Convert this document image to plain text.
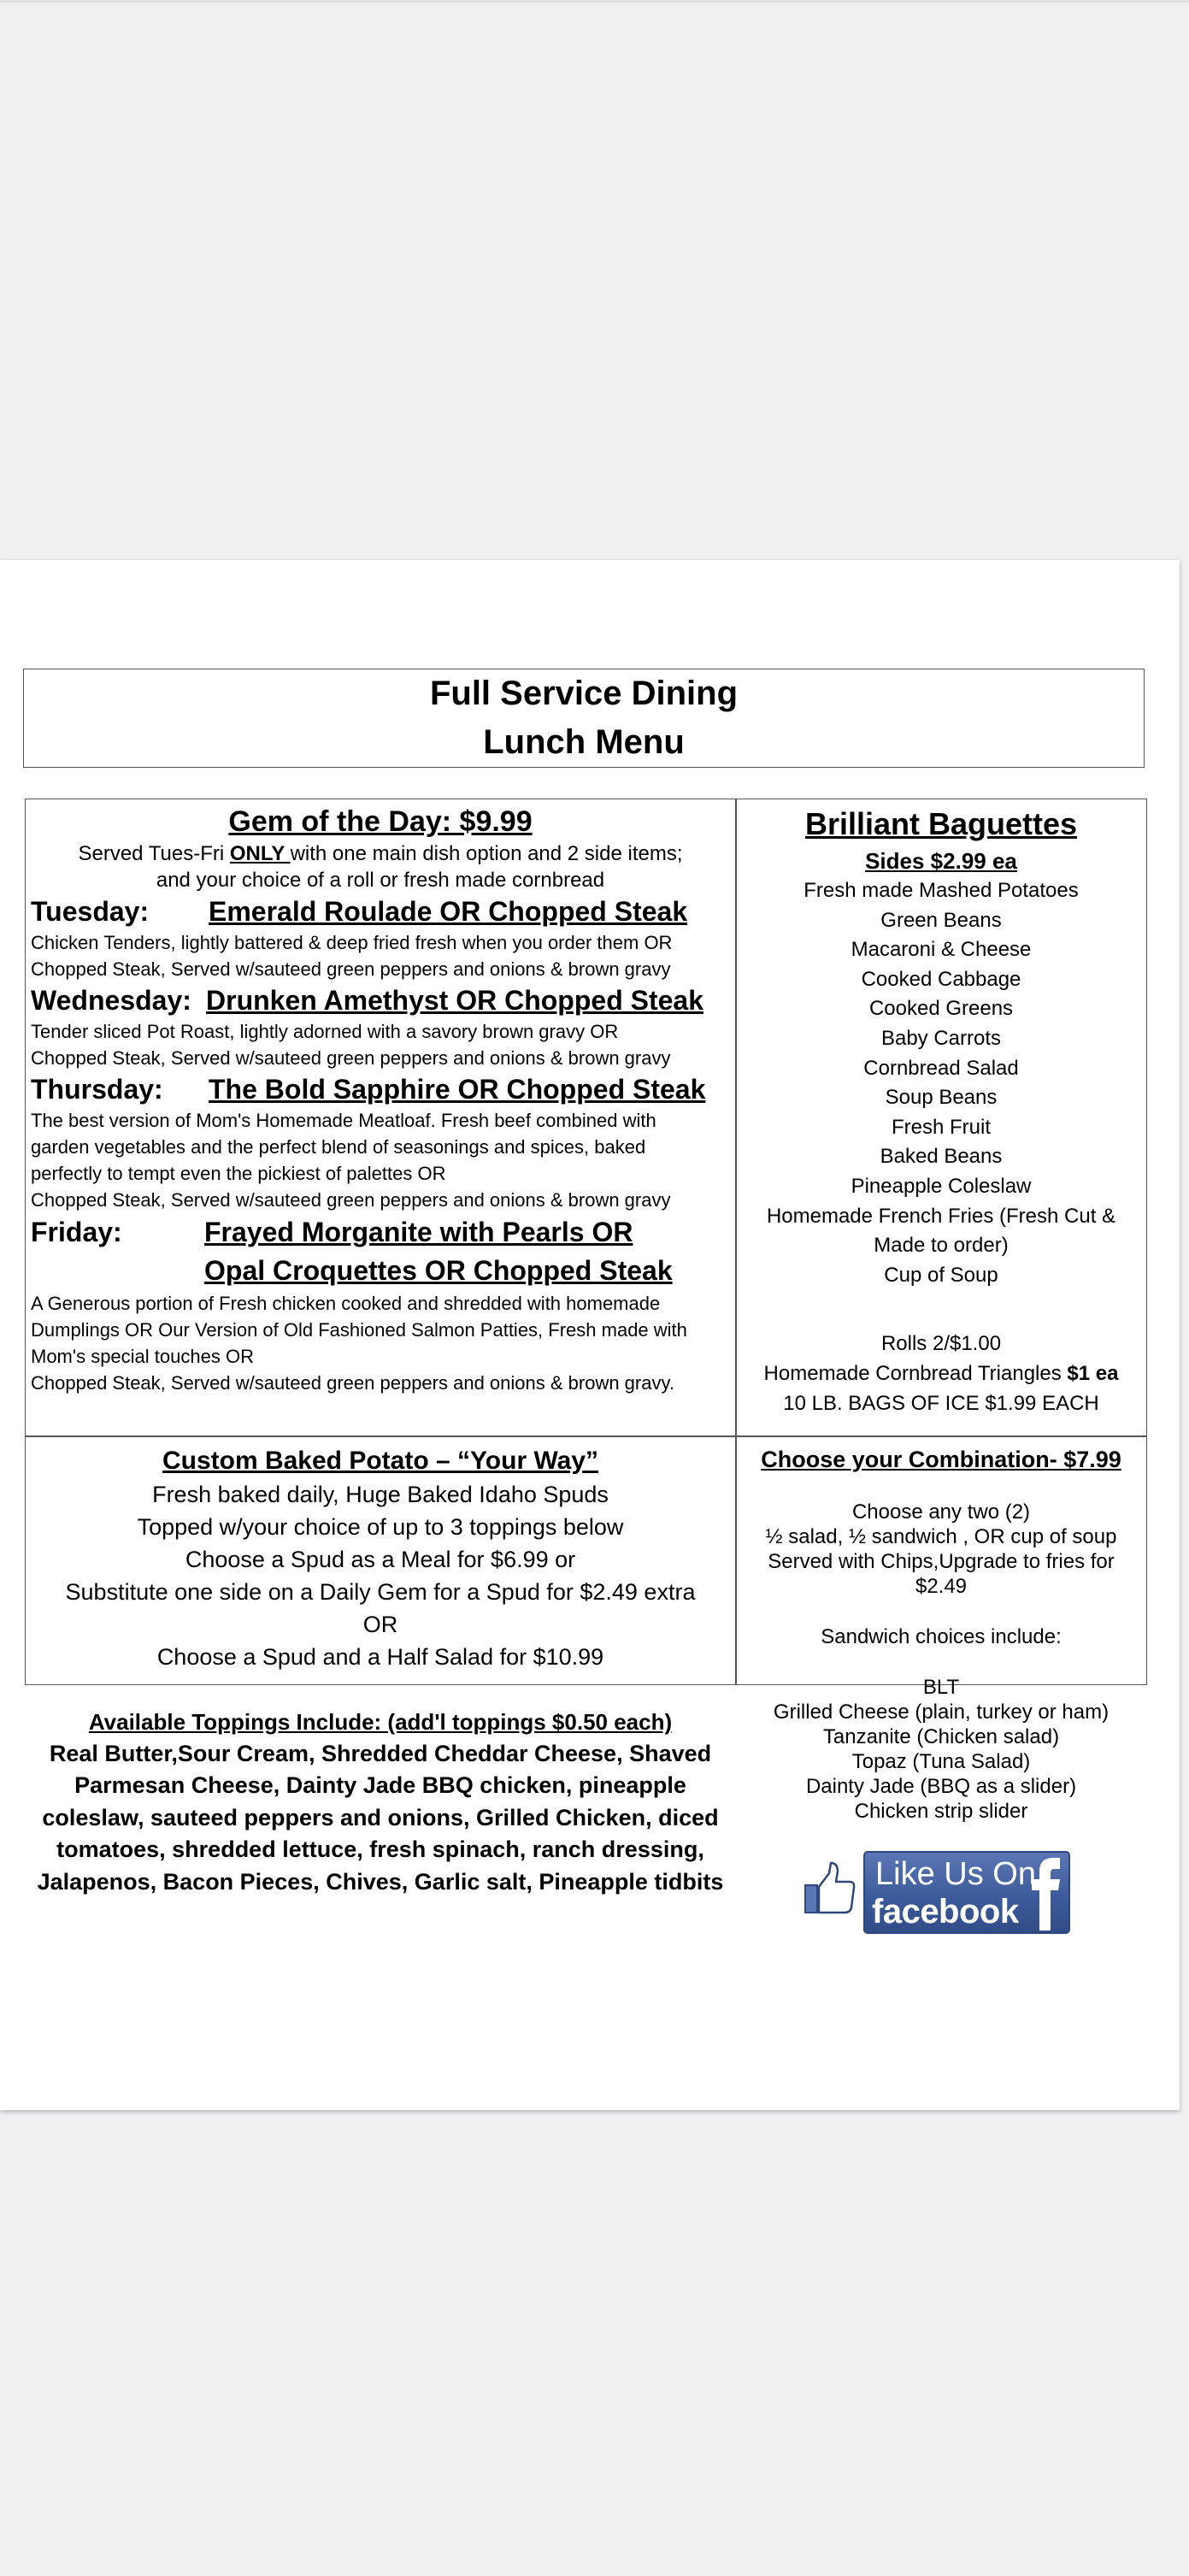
Full Service Dining
Lunch Menu
Gem of the Day: $9.99
Served Tues-Fri ONLY with one main dish option and 2 side items;
and your choice of a roll or fresh made cornbread
Tuesday:	Emerald Roulade OR Chopped Steak
Chicken Tenders, lightly battered & deep fried fresh when you order them OR
Chopped Steak, Served w/sauteed green peppers and onions & brown gravy
Wednesday: Drunken Amethyst OR Chopped Steak
Tender sliced Pot Roast, lightly adorned with a savory brown gravy OR
Chopped Steak, Served w/sauteed green peppers and onions & brown gravy
Thursday:	The Bold Sapphire OR Chopped Steak
The best version of Mom's Homemade Meatloaf. Fresh beef combined with
garden vegetables and the perfect blend of seasonings and spices, baked
perfectly to tempt even the pickiest of palettes OR
Chopped Steak, Served w/sauteed green peppers and onions & brown gravy
Friday:	Frayed Morganite with Pearls OR
Opal Croquettes OR Chopped Steak
A Generous portion of Fresh chicken cooked and shredded with homemade
Dumplings OR Our Version of Old Fashioned Salmon Patties, Fresh made with
Mom's special touches OR
Chopped Steak, Served w/sauteed green peppers and onions & brown gravy.
Brilliant Baguettes
Sides $2.99 ea
Fresh made Mashed Potatoes
Green Beans
Macaroni & Cheese
Cooked Cabbage
Cooked Greens
Baby Carrots
Cornbread Salad
Soup Beans
Fresh Fruit
Baked Beans
Pineapple Coleslaw
Homemade French Fries (Fresh Cut &
Made to order)
Cup of Soup
Rolls 2/$1.00
Homemade Cornbread Triangles $1 ea
10 LB. BAGS OF ICE $1.99 EACH
Custom Baked Potato – “Your Way”
Fresh baked daily, Huge Baked Idaho Spuds
Topped w/your choice of up to 3 toppings below
Choose a Spud as a Meal for $6.99 or
Substitute one side on a Daily Gem for a Spud for $2.49 extra
OR
Choose a Spud and a Half Salad for $10.99
Available Toppings Include: (add'l toppings $0.50 each)
Real Butter,Sour Cream, Shredded Cheddar Cheese, Shaved
Parmesan Cheese, Dainty Jade BBQ chicken, pineapple
coleslaw, sauteed peppers and onions, Grilled Chicken, diced
tomatoes, shredded lettuce, fresh spinach, ranch dressing,
Jalapenos, Bacon Pieces, Chives, Garlic salt, Pineapple tidbits
Choose your Combination- $7.99
Choose any two (2)
½ salad, ½ sandwich , OR cup of soup
Served with Chips,Upgrade to fries for
$2.49
Sandwich choices include:
BLT
Grilled Cheese (plain, turkey or ham)
Tanzanite (Chicken salad)
Topaz (Tuna Salad)
Dainty Jade (BBQ as a slider)
Chicken strip slider
Like Us On
facebook
